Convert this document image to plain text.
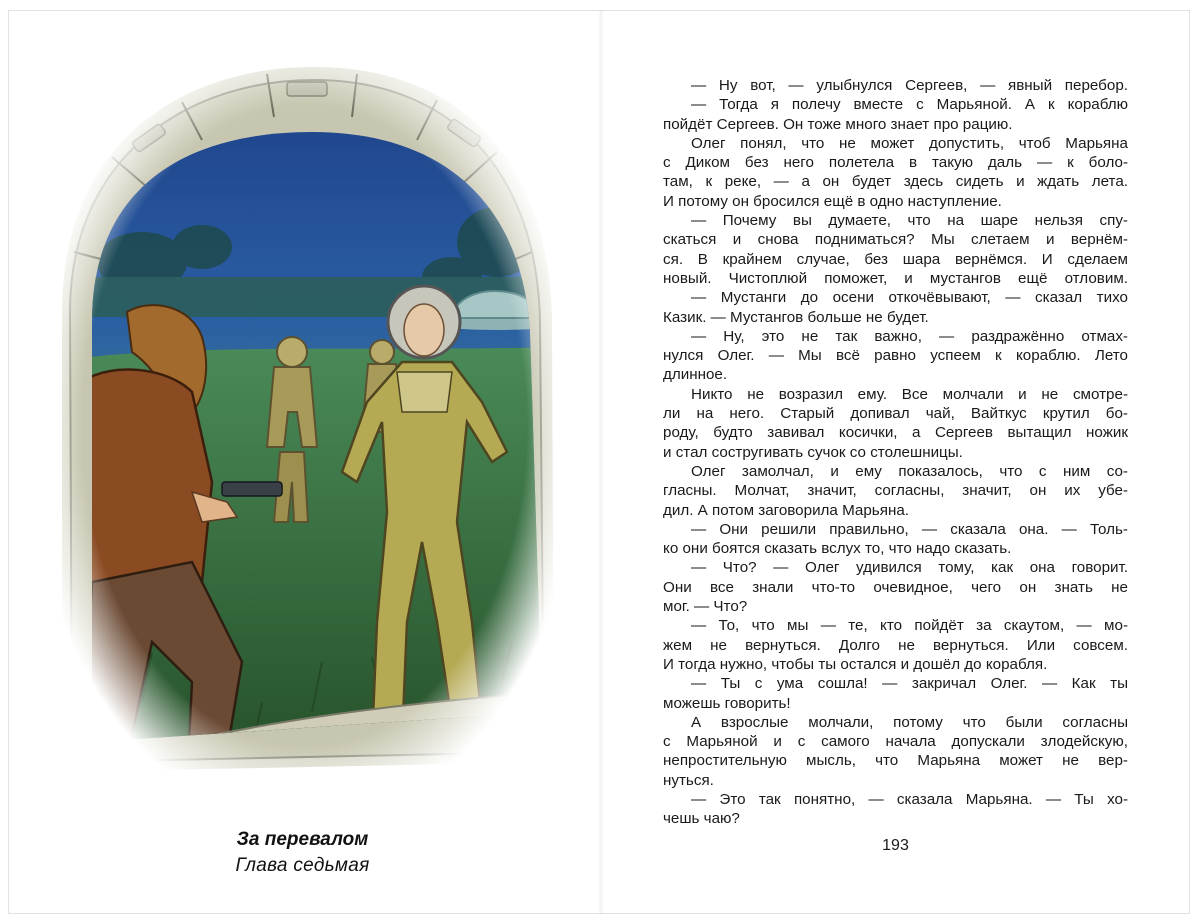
За перевалом
Глава седьмая
— Ну вот, — улыбнулся Сергеев, — явный перебор.
— Тогда я полечу вместе с Марьяной. А к кораблю
пойдёт Сергеев. Он тоже много знает про рацию.
Олег понял, что не может допустить, чтоб Марьяна
с Диком без него полетела в такую даль — к боло-
там, к реке, — а он будет здесь сидеть и ждать лета.
И потому он бросился ещё в одно наступление.
— Почему вы думаете, что на шаре нельзя спу-
скаться и снова подниматься? Мы слетаем и вернём-
ся. В крайнем случае, без шара вернёмся. И сделаем
новый. Чистоплюй поможет, и мустангов ещё отловим.
— Мустанги до осени откочёвывают, — сказал тихо
Казик. — Мустангов больше не будет.
— Ну, это не так важно, — раздражённо отмах-
нулся Олег. — Мы всё равно успеем к кораблю. Лето
длинное.
Никто не возразил ему. Все молчали и не смотре-
ли на него. Старый допивал чай, Вайткус крутил бо-
роду, будто завивал косички, а Сергеев вытащил ножик
и стал состругивать сучок со столешницы.
Олег замолчал, и ему показалось, что с ним со-
гласны. Молчат, значит, согласны, значит, он их убе-
дил. А потом заговорила Марьяна.
— Они решили правильно, — сказала она. — Толь-
ко они боятся сказать вслух то, что надо сказать.
— Что? — Олег удивился тому, как она говорит.
Они все знали что-то очевидное, чего он знать не
мог. — Что?
— То, что мы — те, кто пойдёт за скаутом, — мо-
жем не вернуться. Долго не вернуться. Или совсем.
И тогда нужно, чтобы ты остался и дошёл до корабля.
— Ты с ума сошла! — закричал Олег. — Как ты
можешь говорить!
А взрослые молчали, потому что были согласны
с Марьяной и с самого начала допускали злодейскую,
непростительную мысль, что Марьяна может не вер-
нуться.
— Это так понятно, — сказала Марьяна. — Ты хо-
чешь чаю?
193
